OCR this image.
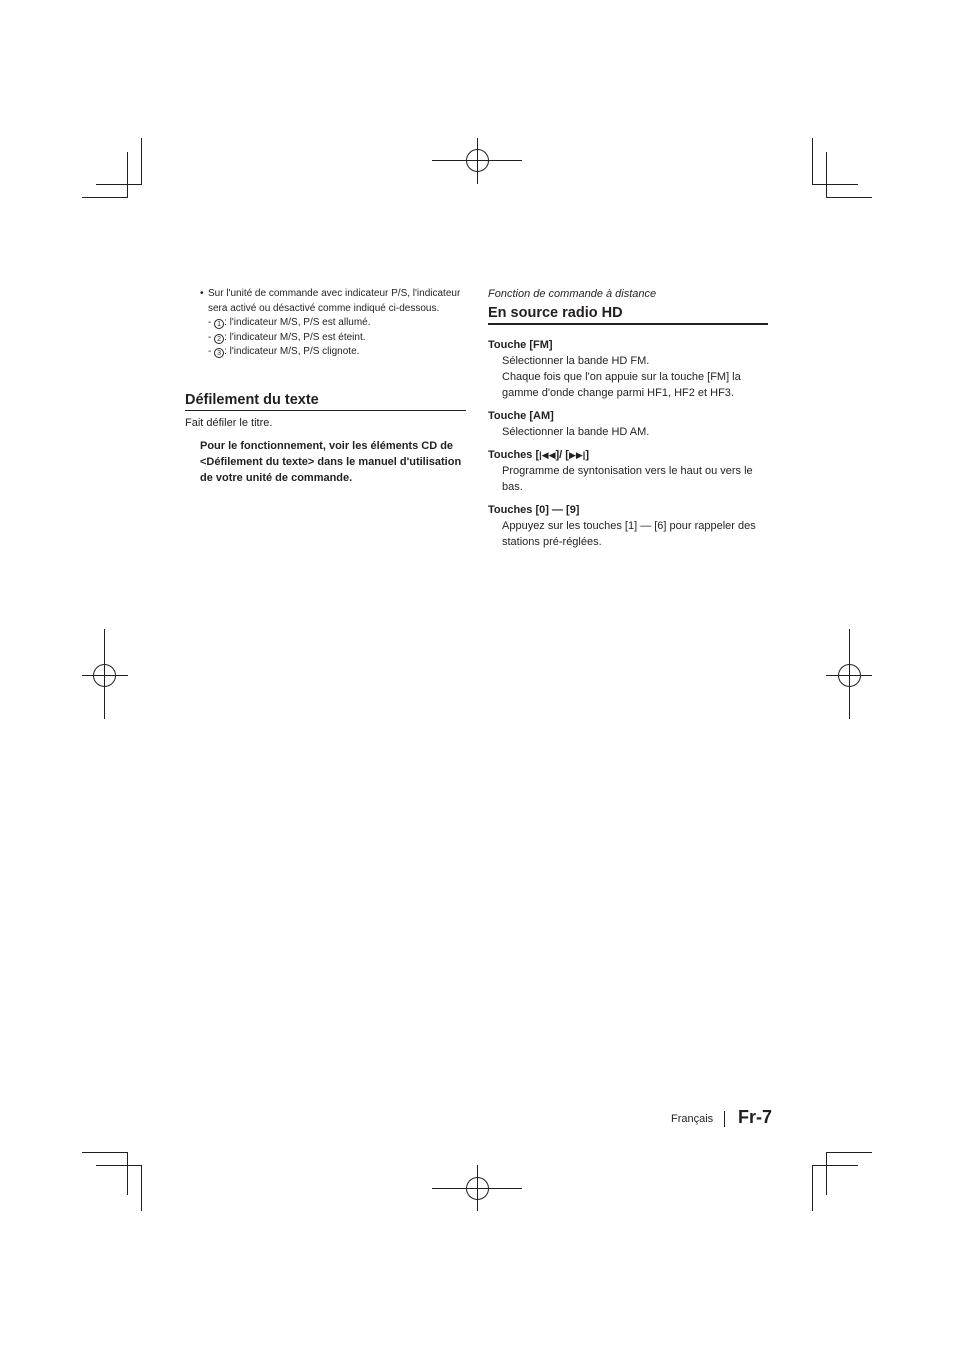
• Sur l'unité de commande avec indicateur P/S, l'indicateur sera activé ou désactivé comme indiqué ci-dessous.
- 1 : l'indicateur M/S, P/S est allumé.
- 2 : l'indicateur M/S, P/S est éteint.
- 3 : l'indicateur M/S, P/S clignote.
Défilement du texte
Fait défiler le titre.
Pour le fonctionnement, voir les éléments CD de <Défilement du texte> dans le manuel d'utilisation de votre unité de commande.
Fonction de commande à distance
En source radio HD
Touche [FM]
Sélectionner la bande HD FM.
Chaque fois que l'on appuie sur la touche [FM] la gamme d'onde change parmi HF1, HF2 et HF3.
Touche [AM]
Sélectionner la bande HD AM.
Touches [|◀◀]/ [▶▶|]
Programme de syntonisation vers le haut ou vers le bas.
Touches [0] — [9]
Appuyez sur les touches [1] — [6] pour rappeler des stations pré-réglées.
Français Fr-7
